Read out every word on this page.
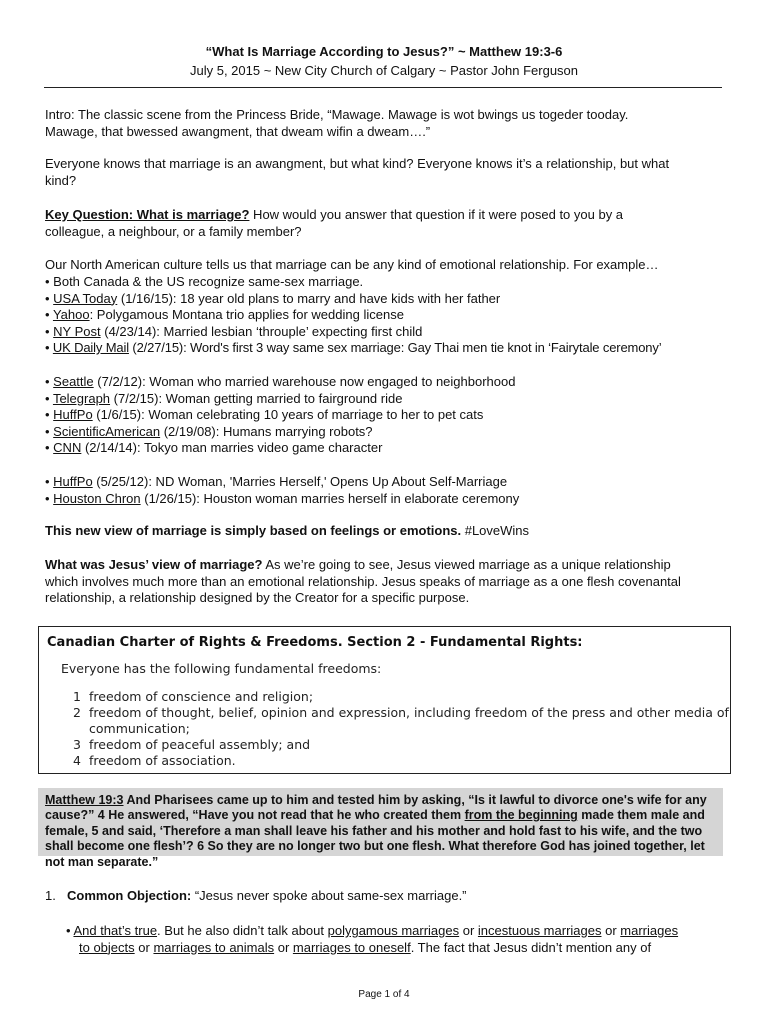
“What Is Marriage According to Jesus?” ~ Matthew 19:3-6
July 5, 2015 ~ New City Church of Calgary ~ Pastor John Ferguson
Intro: The classic scene from the Princess Bride, “Mawage. Mawage is wot bwings us togeder tooday.
Mawage, that bwessed awangment, that dweam wifin a dweam….”
Everyone knows that marriage is an awangment, but what kind? Everyone knows it’s a relationship, but what
kind?
Key Question: What is marriage? How would you answer that question if it were posed to you by a
colleague, a neighbour, or a family member?
Our North American culture tells us that marriage can be any kind of emotional relationship. For example…
• Both Canada & the US recognize same-sex marriage.
• USA Today (1/16/15): 18 year old plans to marry and have kids with her father
• Yahoo: Polygamous Montana trio applies for wedding license
• NY Post (4/23/14): Married lesbian ‘throuple’ expecting first child
• UK Daily Mail (2/27/15): Word's first 3 way same sex marriage: Gay Thai men tie knot in ‘Fairytale ceremony’
• Seattle (7/2/12): Woman who married warehouse now engaged to neighborhood
• Telegraph (7/2/15): Woman getting married to fairground ride
• HuffPo (1/6/15): Woman celebrating 10 years of marriage to her to pet cats
• ScientificAmerican (2/19/08): Humans marrying robots?
• CNN (2/14/14): Tokyo man marries video game character
• HuffPo (5/25/12): ND Woman, 'Marries Herself,' Opens Up About Self-Marriage
• Houston Chron (1/26/15): Houston woman marries herself in elaborate ceremony
This new view of marriage is simply based on feelings or emotions. #LoveWins
What was Jesus’ view of marriage? As we’re going to see, Jesus viewed marriage as a unique relationship
which involves much more than an emotional relationship. Jesus speaks of marriage as a one flesh covenantal
relationship, a relationship designed by the Creator for a specific purpose.
Canadian Charter of Rights & Freedoms. Section 2 - Fundamental Rights:
Everyone has the following fundamental freedoms:
1 freedom of conscience and religion;
2 freedom of thought, belief, opinion and expression, including freedom of the press and other media of
communication;
3 freedom of peaceful assembly; and
4 freedom of association.
Matthew 19:3 And Pharisees came up to him and tested him by asking, “Is it lawful to divorce one's wife for any
cause?” 4 He answered, “Have you not read that he who created them from the beginning made them male and
female, 5 and said, ‘Therefore a man shall leave his father and his mother and hold fast to his wife, and the two
shall become one flesh’? 6 So they are no longer two but one flesh. What therefore God has joined together, let
not man separate.”
1. Common Objection: “Jesus never spoke about same-sex marriage.”
• And that’s true. But he also didn’t talk about polygamous marriages or incestuous marriages or marriages
to objects or marriages to animals or marriages to oneself. The fact that Jesus didn’t mention any of
Page 1 of 4
